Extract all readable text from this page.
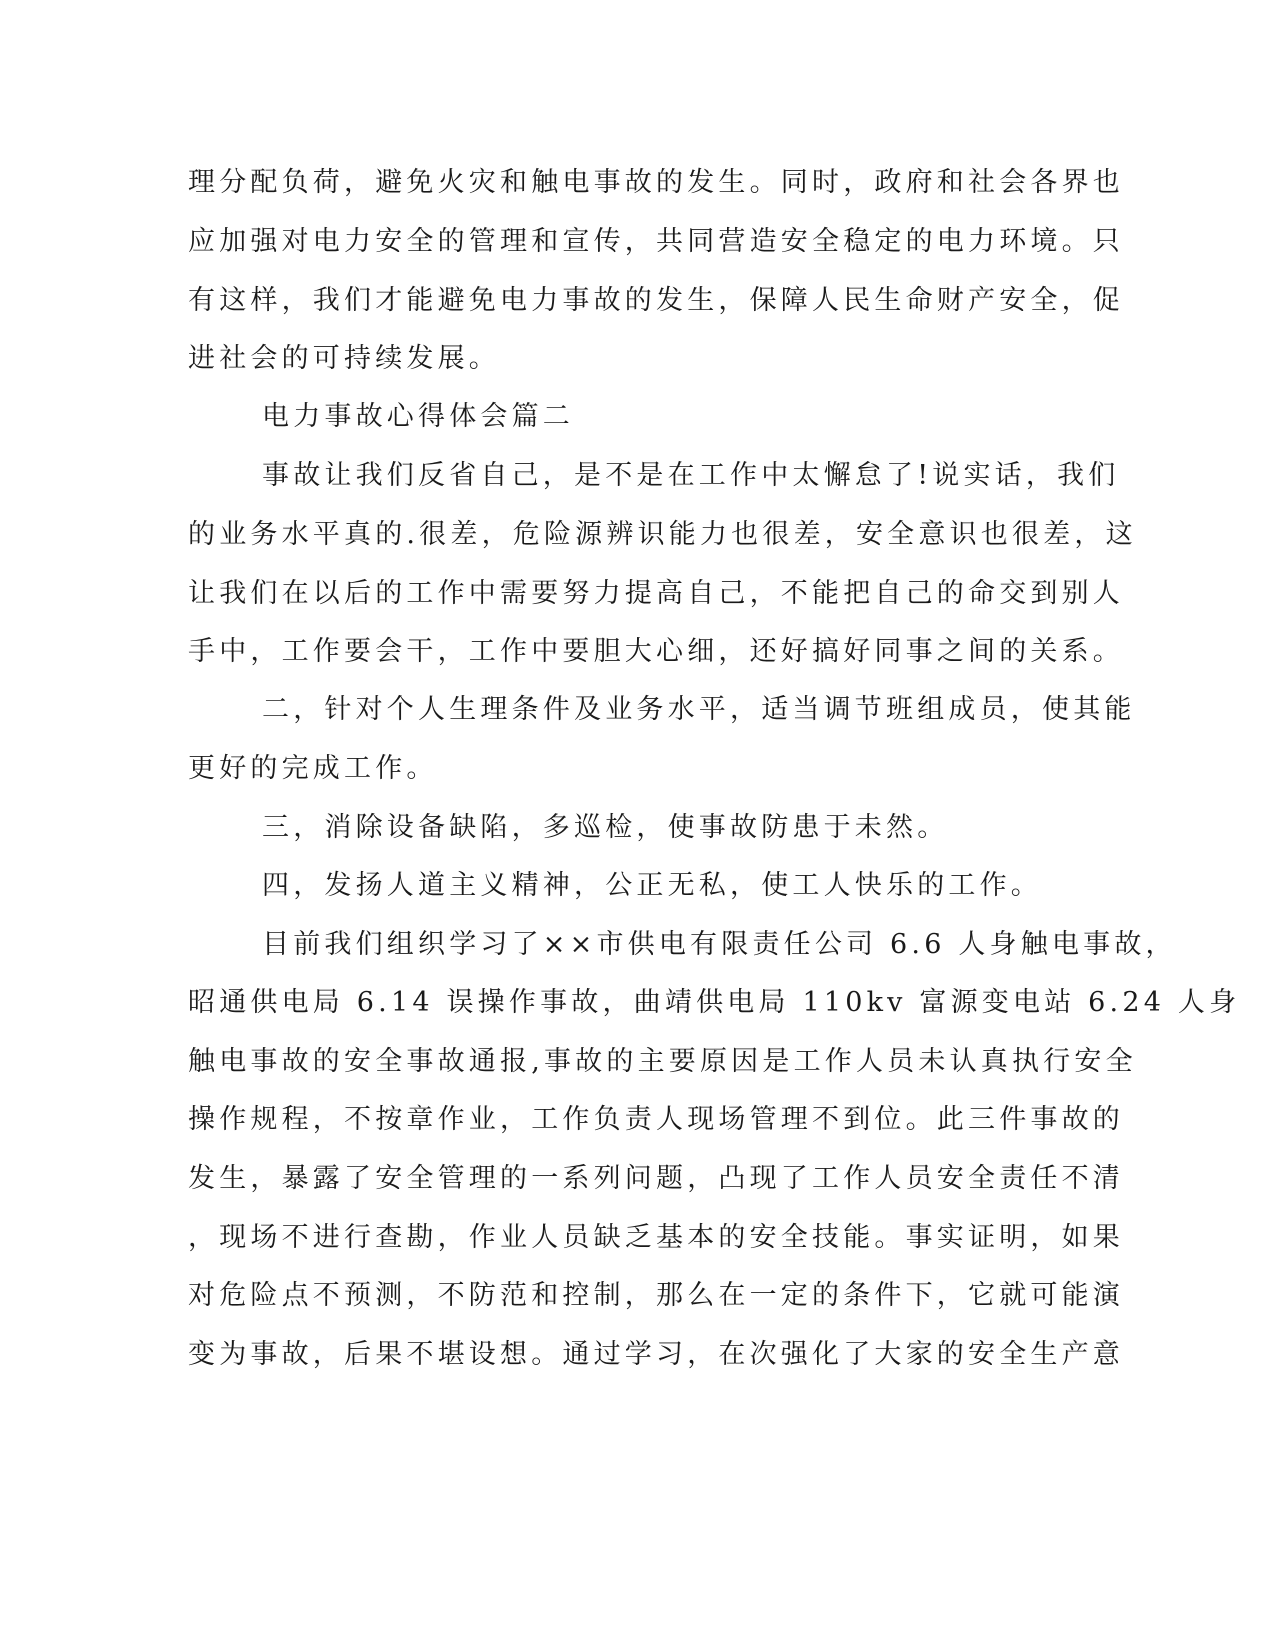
理分配负荷，避免火灾和触电事故的发生。同时，政府和社会各界也
应加强对电力安全的管理和宣传，共同营造安全稳定的电力环境。只
有这样，我们才能避免电力事故的发生，保障人民生命财产安全，促
进社会的可持续发展。
电力事故心得体会篇二
事故让我们反省自己，是不是在工作中太懈怠了!说实话，我们
的业务水平真的.很差，危险源辨识能力也很差，安全意识也很差，这
让我们在以后的工作中需要努力提高自己，不能把自己的命交到别人
手中，工作要会干，工作中要胆大心细，还好搞好同事之间的关系。
二，针对个人生理条件及业务水平，适当调节班组成员，使其能
更好的完成工作。
三，消除设备缺陷，多巡检，使事故防患于未然。
四，发扬人道主义精神，公正无私，使工人快乐的工作。
目前我们组织学习了××市供电有限责任公司 6.6 人身触电事故，
昭通供电局 6.14 误操作事故，曲靖供电局 110kv 富源变电站 6.24 人身
触电事故的安全事故通报,事故的主要原因是工作人员未认真执行安全
操作规程，不按章作业，工作负责人现场管理不到位。此三件事故的
发生，暴露了安全管理的一系列问题，凸现了工作人员安全责任不清
，现场不进行查勘，作业人员缺乏基本的安全技能。事实证明，如果
对危险点不预测，不防范和控制，那么在一定的条件下，它就可能演
变为事故，后果不堪设想。通过学习，在次强化了大家的安全生产意
